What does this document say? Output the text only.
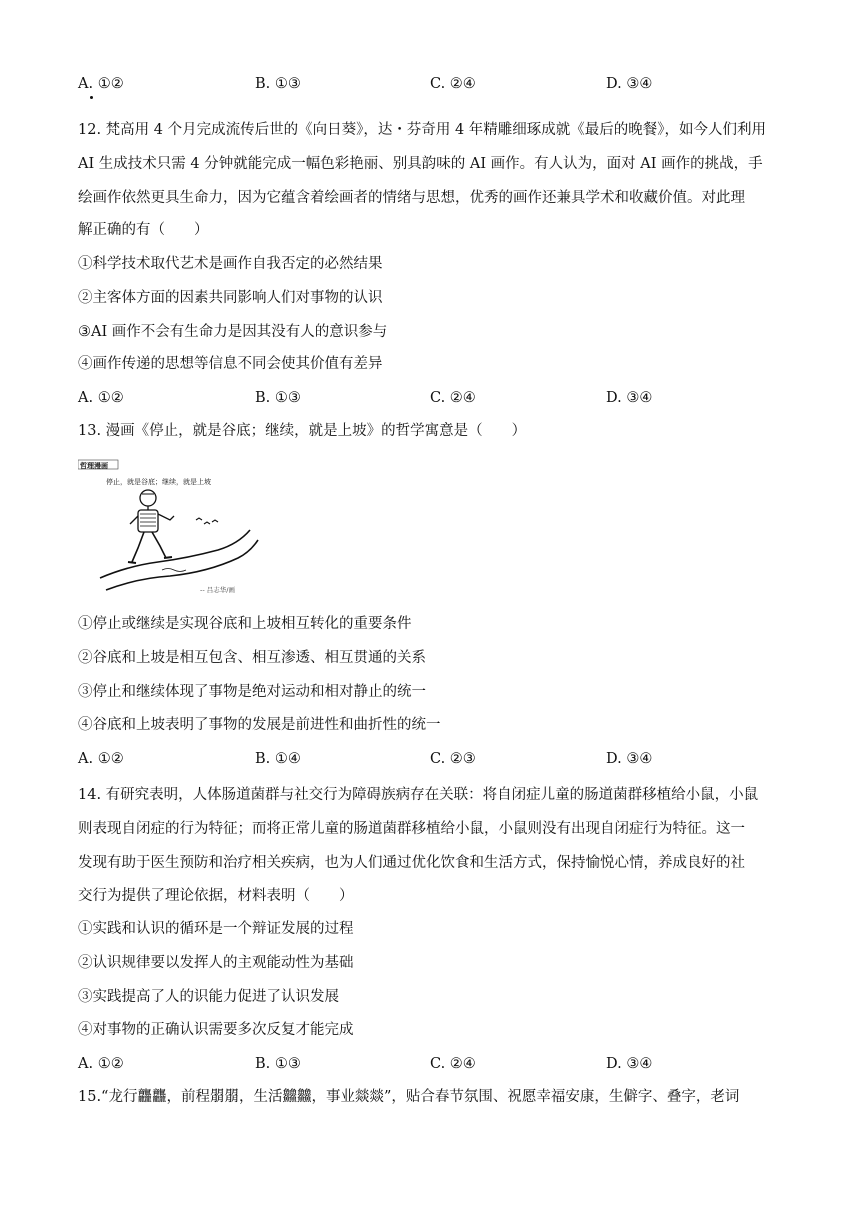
A. ①②	B. ①③	C. ②④	D. ③④
12. 梵高用 4 个月完成流传后世的《向日葵》，达・芬奇用 4 年精雕细琢成就《最后的晚餐》，如今人们利用
AI 生成技术只需 4 分钟就能完成一幅色彩艳丽、别具韵味的 AI 画作。有人认为，面对 AI 画作的挑战，手
绘画作依然更具生命力，因为它蕴含着绘画者的情绪与思想，优秀的画作还兼具学术和收藏价值。对此理
解正确的有（　　）
①科学技术取代艺术是画作自我否定的必然结果
②主客体方面的因素共同影响人们对事物的认识
③AI 画作不会有生命力是因其没有人的意识参与
④画作传递的思想等信息不同会使其价值有差异
A. ①②	B. ①③	C. ②④	D. ③④
13. 漫画《停止，就是谷底；继续，就是上坡》的哲学寓意是（　　）
哲理漫画
停止，就是谷底；继续，就是上坡
-- 吕志华/画
①停止或继续是实现谷底和上坡相互转化的重要条件
②谷底和上坡是相互包含、相互渗透、相互贯通的关系
③停止和继续体现了事物是绝对运动和相对静止的统一
④谷底和上坡表明了事物的发展是前进性和曲折性的统一
A. ①②	B. ①④	C. ②③	D. ③④
14. 有研究表明，人体肠道菌群与社交行为障碍族病存在关联：将自闭症儿童的肠道菌群移植给小鼠，小鼠
则表现自闭症的行为特征；而将正常儿童的肠道菌群移植给小鼠，小鼠则没有出现自闭症行为特征。这一
发现有助于医生预防和治疗相关疾病，也为人们通过优化饮食和生活方式，保持愉悦心情，养成良好的社
交行为提供了理论依据，材料表明（　　）
①实践和认识的循环是一个辩证发展的过程
②认识规律要以发挥人的主观能动性为基础
③实践提高了人的识能力促进了认识发展
④对事物的正确认识需要多次反复才能完成
A. ①②	B. ①③	C. ②④	D. ③④
15.“龙行龘龘，前程朤朤，生活䲜䲜，事业燚燚”，贴合春节氛围、祝愿幸福安康，生僻字、叠字，老词
